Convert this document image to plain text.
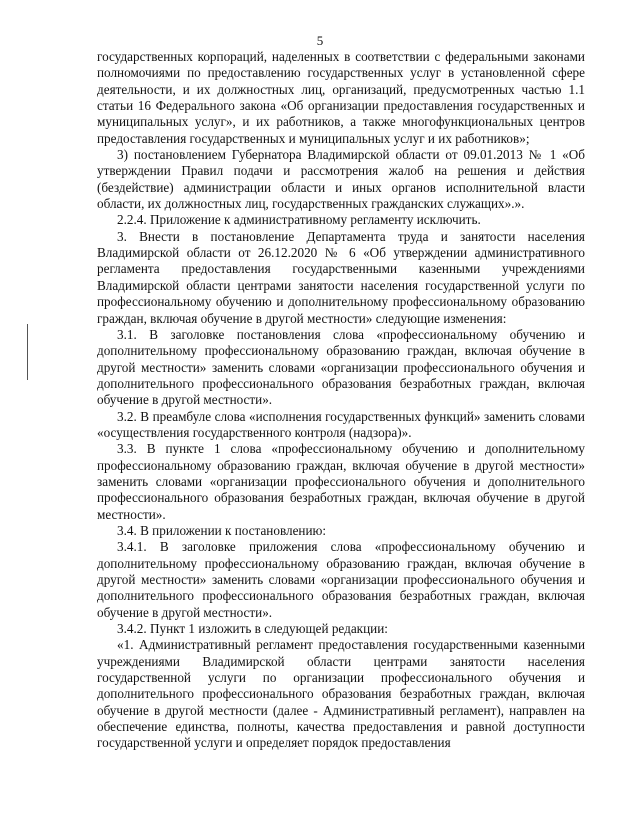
5

государственных корпораций, наделенных в соответствии с федеральными законами полномочиями по предоставлению государственных услуг в установленной сфере деятельности, и их должностных лиц, организаций, предусмотренных частью 1.1 статьи 16 Федерального закона «Об организации предоставления государственных и муниципальных услуг», и их работников, а также многофункциональных центров предоставления государственных и муниципальных услуг и их работников»;

3) постановлением Губернатора Владимирской области от 09.01.2013 № 1 «Об утверждении Правил подачи и рассмотрения жалоб на решения и действия (бездействие) администрации области и иных органов исполнительной власти области, их должностных лиц, государственных гражданских служащих».».

2.2.4. Приложение к административному регламенту исключить.

3. Внести в постановление Департамента труда и занятости населения Владимирской области от 26.12.2020 № 6 «Об утверждении административного регламента предоставления государственными казенными учреждениями Владимирской области центрами занятости населения государственной услуги по профессиональному обучению и дополнительному профессиональному образованию граждан, включая обучение в другой местности» следующие изменения:

3.1. В заголовке постановления слова «профессиональному обучению и дополнительному профессиональному образованию граждан, включая обучение в другой местности» заменить словами «организации профессионального обучения и дополнительного профессионального образования безработных граждан, включая обучение в другой местности».

3.2. В преамбуле слова «исполнения государственных функций» заменить словами «осуществления государственного контроля (надзора)».

3.3. В пункте 1 слова «профессиональному обучению и дополнительному профессиональному образованию граждан, включая обучение в другой местности» заменить словами «организации профессионального обучения и дополнительного профессионального образования безработных граждан, включая обучение в другой местности».

3.4. В приложении к постановлению:

3.4.1. В заголовке приложения слова «профессиональному обучению и дополнительному профессиональному образованию граждан, включая обучение в другой местности» заменить словами «организации профессионального обучения и дополнительного профессионального образования безработных граждан, включая обучение в другой местности».

3.4.2. Пункт 1 изложить в следующей редакции:

«1. Административный регламент предоставления государственными казенными учреждениями Владимирской области центрами занятости населения государственной услуги по организации профессионального обучения и дополнительного профессионального образования безработных граждан, включая обучение в другой местности (далее - Административный регламент), направлен на обеспечение единства, полноты, качества предоставления и равной доступности государственной услуги и определяет порядок предоставления
